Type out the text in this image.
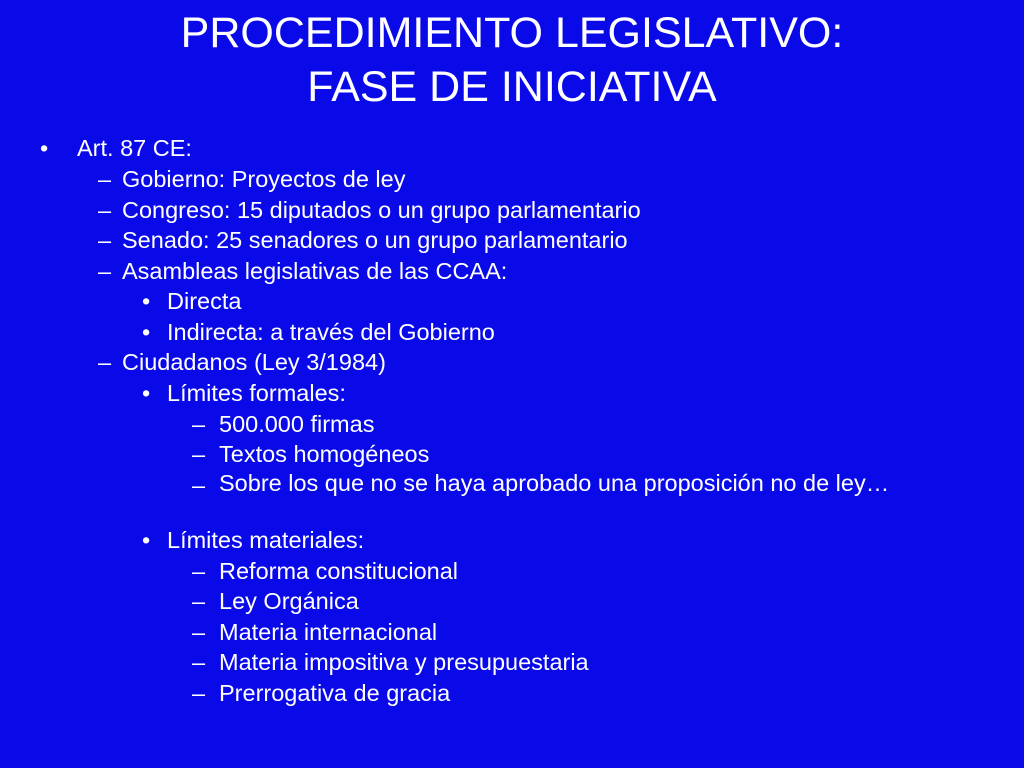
PROCEDIMIENTO LEGISLATIVO:
FASE DE INICIATIVA
• Art. 87 CE:
– Gobierno: Proyectos de ley
– Congreso: 15 diputados o un grupo parlamentario
– Senado: 25 senadores o un grupo parlamentario
– Asambleas legislativas de las CCAA:
• Directa
• Indirecta: a través del Gobierno
– Ciudadanos (Ley 3/1984)
• Límites formales:
– 500.000 firmas
– Textos homogéneos
– Sobre los que no se haya aprobado una proposición no de ley…
• Límites materiales:
– Reforma constitucional
– Ley Orgánica
– Materia internacional
– Materia impositiva y presupuestaria
– Prerrogativa de gracia
